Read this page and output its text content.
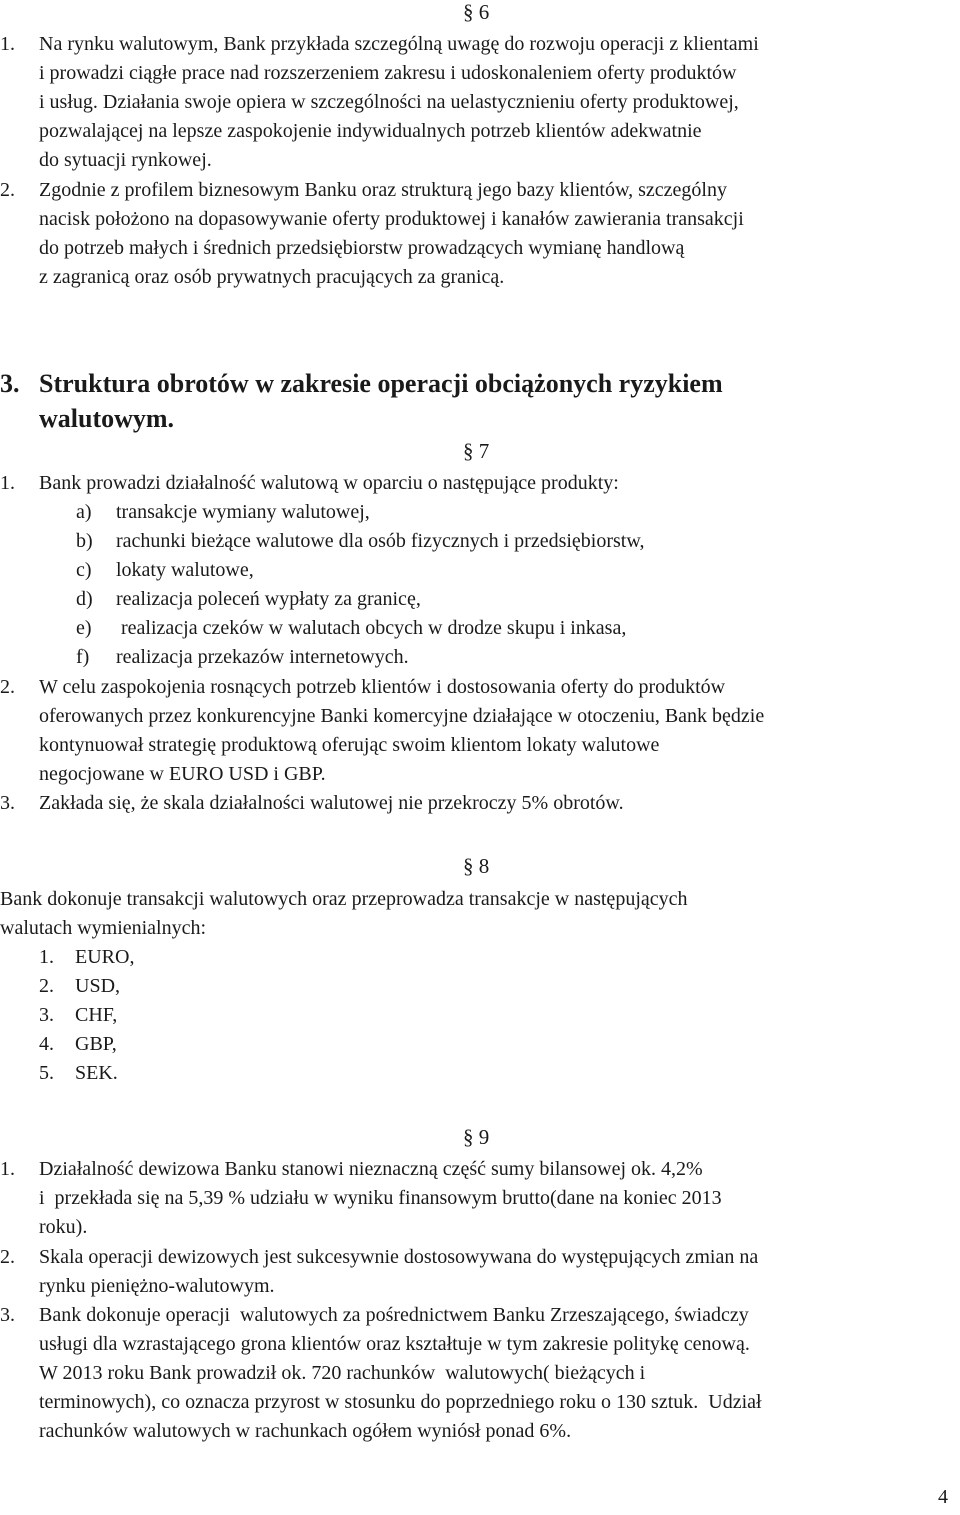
§ 6
1. Na rynku walutowym, Bank przykłada szczególną uwagę do rozwoju operacji z klientami
i prowadzi ciągłe prace nad rozszerzeniem zakresu i udoskonaleniem oferty produktów
i usług. Działania swoje opiera w szczególności na uelastycznieniu oferty produktowej,
pozwalającej na lepsze zaspokojenie indywidualnych potrzeb klientów adekwatnie
do sytuacji rynkowej.
2. Zgodnie z profilem biznesowym Banku oraz strukturą jego bazy klientów, szczególny
nacisk położono na dopasowywanie oferty produktowej i kanałów zawierania transakcji
do potrzeb małych i średnich przedsiębiorstw prowadzących wymianę handlową
z zagranicą oraz osób prywatnych pracujących za granicą.
3. Struktura obrotów w zakresie operacji obciążonych ryzykiem
walutowym.
§ 7
1. Bank prowadzi działalność walutową w oparciu o następujące produkty:
a) transakcje wymiany walutowej,
b) rachunki bieżące walutowe dla osób fizycznych i przedsiębiorstw,
c) lokaty walutowe,
d) realizacja poleceń wypłaty za granicę,
e) realizacja czeków w walutach obcych w drodze skupu i inkasa,
f) realizacja przekazów internetowych.
2. W celu zaspokojenia rosnących potrzeb klientów i dostosowania oferty do produktów
oferowanych przez konkurencyjne Banki komercyjne działające w otoczeniu, Bank będzie
kontynuował strategię produktową oferując swoim klientom lokaty walutowe
negocjowane w EURO USD i GBP.
3. Zakłada się, że skala działalności walutowej nie przekroczy 5% obrotów.
§ 8
Bank dokonuje transakcji walutowych oraz przeprowadza transakcje w następujących
walutach wymienialnych:
1. EURO,
2. USD,
3. CHF,
4. GBP,
5. SEK.
§ 9
1. Działalność dewizowa Banku stanowi nieznaczną część sumy bilansowej ok. 4,2%
i  przekłada się na 5,39 % udziału w wyniku finansowym brutto(dane na koniec 2013
roku).
2. Skala operacji dewizowych jest sukcesywnie dostosowywana do występujących zmian na
rynku pieniężno-walutowym.
3. Bank dokonuje operacji  walutowych za pośrednictwem Banku Zrzeszającego, świadczy
usługi dla wzrastającego grona klientów oraz kształtuje w tym zakresie politykę cenową.
W 2013 roku Bank prowadził ok. 720 rachunków  walutowych( bieżących i
terminowych), co oznacza przyrost w stosunku do poprzedniego roku o 130 sztuk.  Udział
rachunków walutowych w rachunkach ogółem wyniósł ponad 6%.
4
